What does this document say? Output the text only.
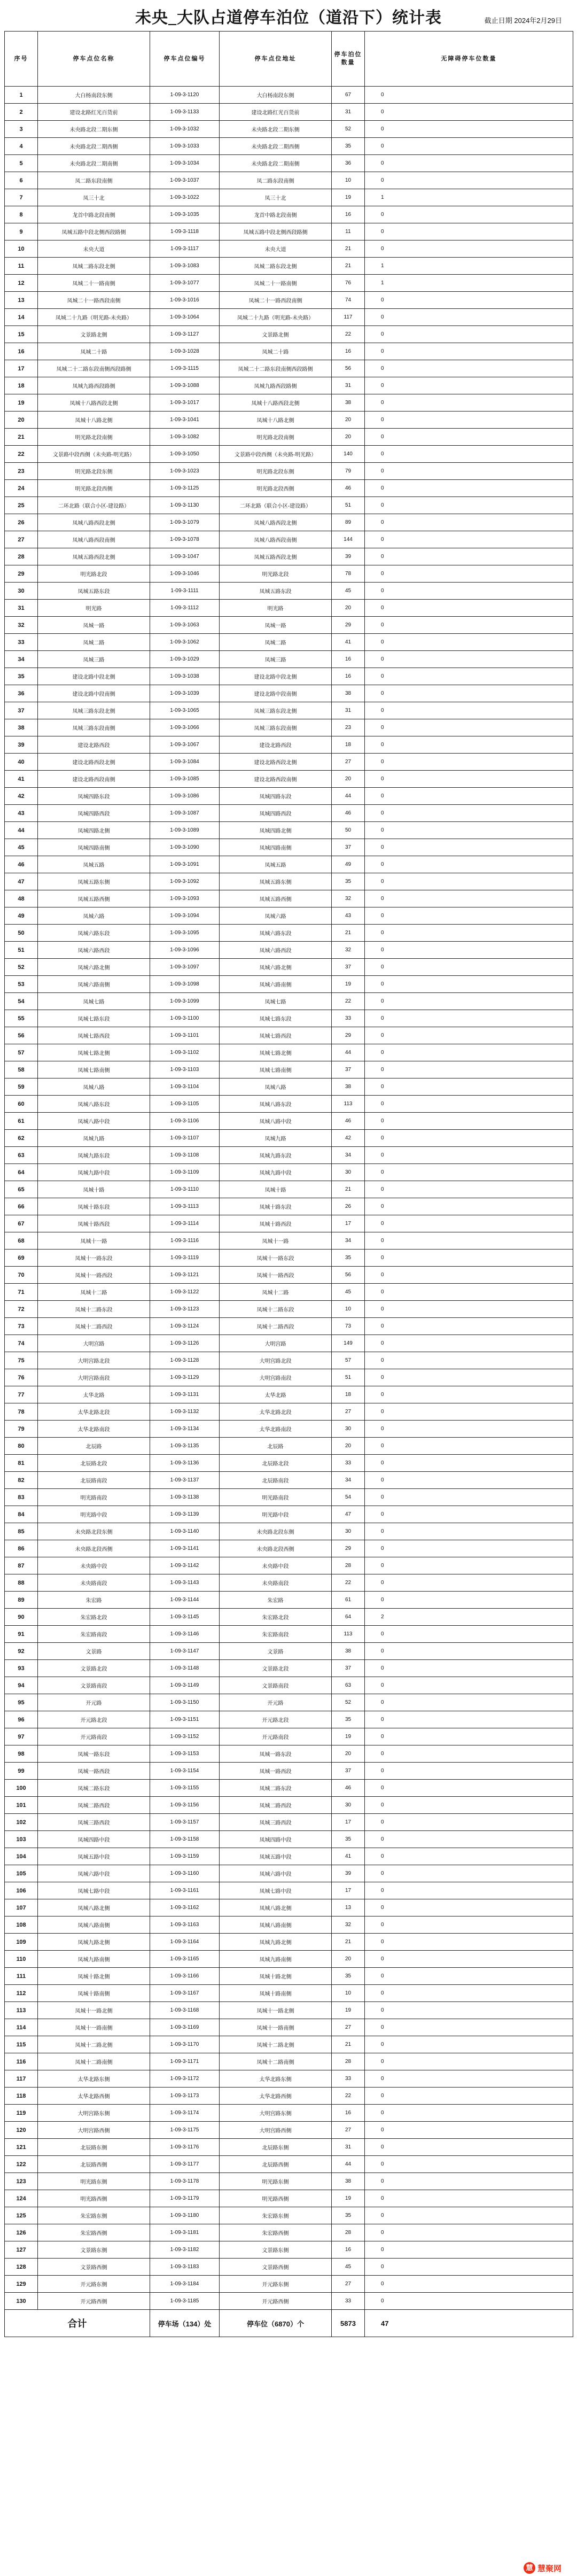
未央_大队占道停车泊位（道沿下）统计表	截止日期 2024年2月29日
序号	停车点位名称	停车点位编号	停车点位地址	停车泊位数量	无障碍停车位数量
1	大白杨南段东侧	1-09-3-1120	大白杨南段东侧	67	0
2	建设北路红光百货前	1-09-3-1133	建设北路红光百货前	31	0
3	未央路北段二期东侧	1-09-3-1032	未央路北段二期东侧	52	0
4	未央路北段二期西侧	1-09-3-1033	未央路北段二期西侧	35	0
5	未央路北段二期南侧	1-09-3-1034	未央路北段二期南侧	36	0
6	凤二路东段南侧	1-09-3-1037	凤二路东段南侧	10	0
7	凤三十北	1-09-3-1022	凤三十北	19	1
8	龙首中路北段南侧	1-09-3-1035	龙首中路北段南侧	16	0
9	凤城五路中段北侧西段路侧	1-09-3-1118	凤城五路中段北侧西段路侧	11	0
10	未央大道	1-09-3-1117	未央大道	21	0
11	凤城二路东段北侧	1-09-3-1083	凤城二路东段北侧	21	1
12	凤城二十一路南侧	1-09-3-1077	凤城二十一路南侧	76	1
13	凤城二十一路西段南侧	1-09-3-1016	凤城二十一路西段南侧	74	0
14	凤城二十九路（明光路-未央路）	1-09-3-1064	凤城二十九路（明光路-未央路）	117	0
15	文景路北侧	1-09-3-1127	文景路北侧	22	0
16	凤城二十路	1-09-3-1028	凤城二十路	16	0
17	凤城二十二路东段南侧西段路侧	1-09-3-1115	凤城二十二路东段南侧西段路侧	56	0
18	凤城九路西段路侧	1-09-3-1088	凤城九路西段路侧	31	0
19	凤城十八路西段北侧	1-09-3-1017	凤城十八路西段北侧	38	0
20	凤城十八路北侧	1-09-3-1041	凤城十八路北侧	20	0
21	明光路北段南侧	1-09-3-1082	明光路北段南侧	20	0
22	文景路中段西侧（未央路-明光路）	1-09-3-1050	文景路中段西侧（未央路-明光路）	140	0
23	明光路北段东侧	1-09-3-1023	明光路北段东侧	79	0
24	明光路北段西侧	1-09-3-1125	明光路北段西侧	46	0
25	二环北路（联合小区-建设路）	1-09-3-1130	二环北路（联合小区-建设路）	51	0
26	凤城八路西段北侧	1-09-3-1079	凤城八路西段北侧	89	0
27	凤城八路西段南侧	1-09-3-1078	凤城八路西段南侧	144	0
28	凤城五路西段北侧	1-09-3-1047	凤城五路西段北侧	39	0
29	明光路北段	1-09-3-1046	明光路北段	78	0
30	凤城五路东段	1-09-3-1111	凤城五路东段	45	0
31	明光路	1-09-3-1112	明光路	20	0
32	凤城一路	1-09-3-1063	凤城一路	29	0
33	凤城二路	1-09-3-1062	凤城二路	41	0
34	凤城三路	1-09-3-1029	凤城三路	16	0
35	建设北路中段北侧	1-09-3-1038	建设北路中段北侧	16	0
36	建设北路中段南侧	1-09-3-1039	建设北路中段南侧	38	0
37	凤城三路东段北侧	1-09-3-1065	凤城三路东段北侧	31	0
38	凤城三路东段南侧	1-09-3-1066	凤城三路东段南侧	23	0
39	建设北路西段	1-09-3-1067	建设北路西段	18	0
40	建设北路西段北侧	1-09-3-1084	建设北路西段北侧	27	0
41	建设北路西段南侧	1-09-3-1085	建设北路西段南侧	20	0
42	凤城四路东段	1-09-3-1086	凤城四路东段	44	0
43	凤城四路西段	1-09-3-1087	凤城四路西段	46	0
44	凤城四路北侧	1-09-3-1089	凤城四路北侧	50	0
45	凤城四路南侧	1-09-3-1090	凤城四路南侧	37	0
46	凤城五路	1-09-3-1091	凤城五路	49	0
47	凤城五路东侧	1-09-3-1092	凤城五路东侧	35	0
48	凤城五路西侧	1-09-3-1093	凤城五路西侧	32	0
49	凤城六路	1-09-3-1094	凤城六路	43	0
50	凤城六路东段	1-09-3-1095	凤城六路东段	21	0
51	凤城六路西段	1-09-3-1096	凤城六路西段	32	0
52	凤城六路北侧	1-09-3-1097	凤城六路北侧	37	0
53	凤城六路南侧	1-09-3-1098	凤城六路南侧	19	0
54	凤城七路	1-09-3-1099	凤城七路	22	0
55	凤城七路东段	1-09-3-1100	凤城七路东段	33	0
56	凤城七路西段	1-09-3-1101	凤城七路西段	29	0
57	凤城七路北侧	1-09-3-1102	凤城七路北侧	44	0
58	凤城七路南侧	1-09-3-1103	凤城七路南侧	37	0
59	凤城八路	1-09-3-1104	凤城八路	38	0
60	凤城八路东段	1-09-3-1105	凤城八路东段	113	0
61	凤城八路中段	1-09-3-1106	凤城八路中段	46	0
62	凤城九路	1-09-3-1107	凤城九路	42	0
63	凤城九路东段	1-09-3-1108	凤城九路东段	34	0
64	凤城九路中段	1-09-3-1109	凤城九路中段	30	0
65	凤城十路	1-09-3-1110	凤城十路	21	0
66	凤城十路东段	1-09-3-1113	凤城十路东段	26	0
67	凤城十路西段	1-09-3-1114	凤城十路西段	17	0
68	凤城十一路	1-09-3-1116	凤城十一路	34	0
69	凤城十一路东段	1-09-3-1119	凤城十一路东段	35	0
70	凤城十一路西段	1-09-3-1121	凤城十一路西段	56	0
71	凤城十二路	1-09-3-1122	凤城十二路	45	0
72	凤城十二路东段	1-09-3-1123	凤城十二路东段	10	0
73	凤城十二路西段	1-09-3-1124	凤城十二路西段	73	0
74	大明宫路	1-09-3-1126	大明宫路	149	0
75	大明宫路北段	1-09-3-1128	大明宫路北段	57	0
76	大明宫路南段	1-09-3-1129	大明宫路南段	51	0
77	太华北路	1-09-3-1131	太华北路	18	0
78	太华北路北段	1-09-3-1132	太华北路北段	27	0
79	太华北路南段	1-09-3-1134	太华北路南段	30	0
80	北辰路	1-09-3-1135	北辰路	20	0
81	北辰路北段	1-09-3-1136	北辰路北段	33	0
82	北辰路南段	1-09-3-1137	北辰路南段	34	0
83	明光路南段	1-09-3-1138	明光路南段	54	0
84	明光路中段	1-09-3-1139	明光路中段	47	0
85	未央路北段东侧	1-09-3-1140	未央路北段东侧	30	0
86	未央路北段西侧	1-09-3-1141	未央路北段西侧	29	0
87	未央路中段	1-09-3-1142	未央路中段	28	0
88	未央路南段	1-09-3-1143	未央路南段	22	0
89	朱宏路	1-09-3-1144	朱宏路	61	0
90	朱宏路北段	1-09-3-1145	朱宏路北段	64	2
91	朱宏路南段	1-09-3-1146	朱宏路南段	113	0
92	文景路	1-09-3-1147	文景路	38	0
93	文景路北段	1-09-3-1148	文景路北段	37	0
94	文景路南段	1-09-3-1149	文景路南段	63	0
95	开元路	1-09-3-1150	开元路	52	0
96	开元路北段	1-09-3-1151	开元路北段	35	0
97	开元路南段	1-09-3-1152	开元路南段	19	0
98	凤城一路东段	1-09-3-1153	凤城一路东段	20	0
99	凤城一路西段	1-09-3-1154	凤城一路西段	37	0
100	凤城二路东段	1-09-3-1155	凤城二路东段	46	0
101	凤城二路西段	1-09-3-1156	凤城二路西段	30	0
102	凤城三路西段	1-09-3-1157	凤城三路西段	17	0
103	凤城四路中段	1-09-3-1158	凤城四路中段	35	0
104	凤城五路中段	1-09-3-1159	凤城五路中段	41	0
105	凤城六路中段	1-09-3-1160	凤城六路中段	39	0
106	凤城七路中段	1-09-3-1161	凤城七路中段	17	0
107	凤城八路北侧	1-09-3-1162	凤城八路北侧	13	0
108	凤城八路南侧	1-09-3-1163	凤城八路南侧	32	0
109	凤城九路北侧	1-09-3-1164	凤城九路北侧	21	0
110	凤城九路南侧	1-09-3-1165	凤城九路南侧	20	0
111	凤城十路北侧	1-09-3-1166	凤城十路北侧	35	0
112	凤城十路南侧	1-09-3-1167	凤城十路南侧	10	0
113	凤城十一路北侧	1-09-3-1168	凤城十一路北侧	19	0
114	凤城十一路南侧	1-09-3-1169	凤城十一路南侧	27	0
115	凤城十二路北侧	1-09-3-1170	凤城十二路北侧	21	0
116	凤城十二路南侧	1-09-3-1171	凤城十二路南侧	28	0
117	太华北路东侧	1-09-3-1172	太华北路东侧	33	0
118	太华北路西侧	1-09-3-1173	太华北路西侧	22	0
119	大明宫路东侧	1-09-3-1174	大明宫路东侧	16	0
120	大明宫路西侧	1-09-3-1175	大明宫路西侧	27	0
121	北辰路东侧	1-09-3-1176	北辰路东侧	31	0
122	北辰路西侧	1-09-3-1177	北辰路西侧	44	0
123	明光路东侧	1-09-3-1178	明光路东侧	38	0
124	明光路西侧	1-09-3-1179	明光路西侧	19	0
125	朱宏路东侧	1-09-3-1180	朱宏路东侧	35	0
126	朱宏路西侧	1-09-3-1181	朱宏路西侧	28	0
127	文景路东侧	1-09-3-1182	文景路东侧	16	0
128	文景路西侧	1-09-3-1183	文景路西侧	45	0
129	开元路东侧	1-09-3-1184	开元路东侧	27	0
130	开元路西侧	1-09-3-1185	开元路西侧	33	0
合计		停车场（134）处	停车位（6870）个	5873	47
慧 慧聚网
